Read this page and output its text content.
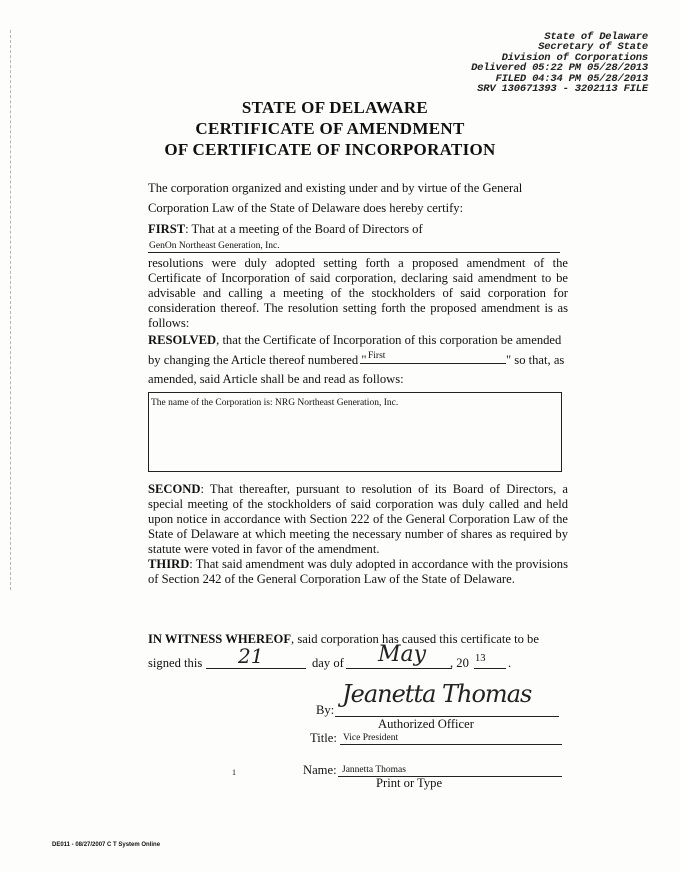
State of Delaware
Secretary of State
Division of Corporations
Delivered 05:22 PM 05/28/2013
FILED 04:34 PM 05/28/2013
SRV 130671393 - 3202113 FILE
STATE OF DELAWARE
CERTIFICATE OF AMENDMENT
OF CERTIFICATE OF INCORPORATION
The corporation organized and existing under and by virtue of the General
Corporation Law of the State of Delaware does hereby certify:
FIRST: That at a meeting of the Board of Directors of
GenOn Northeast Generation, Inc.
resolutions were duly adopted setting forth a proposed amendment of the Certificate of Incorporation of said corporation, declaring said amendment to be advisable and calling a meeting of the stockholders of said corporation for consideration thereof. The resolution setting forth the proposed amendment is as follows:
RESOLVED, that the Certificate of Incorporation of this corporation be amended
by changing the Article thereof numbered " First	" so that, as
amended, said Article shall be and read as follows:
The name of the Corporation is: NRG Northeast Generation, Inc.
SECOND: That thereafter, pursuant to resolution of its Board of Directors, a special meeting of the stockholders of said corporation was duly called and held upon notice in accordance with Section 222 of the General Corporation Law of the State of Delaware at which meeting the necessary number of shares as required by statute were voted in favor of the amendment.
THIRD: That said amendment was duly adopted in accordance with the provisions of Section 242 of the General Corporation Law of the State of Delaware.
IN WITNESS WHEREOF, said corporation has caused this certificate to be
signed this 21	day of May , 20 13 .
By:
Jeanetta Thomas
Authorized Officer
Title: Vice President
Name: Jannetta Thomas
Print or Type
1
DE011 - 08/27/2007 C T System Online
